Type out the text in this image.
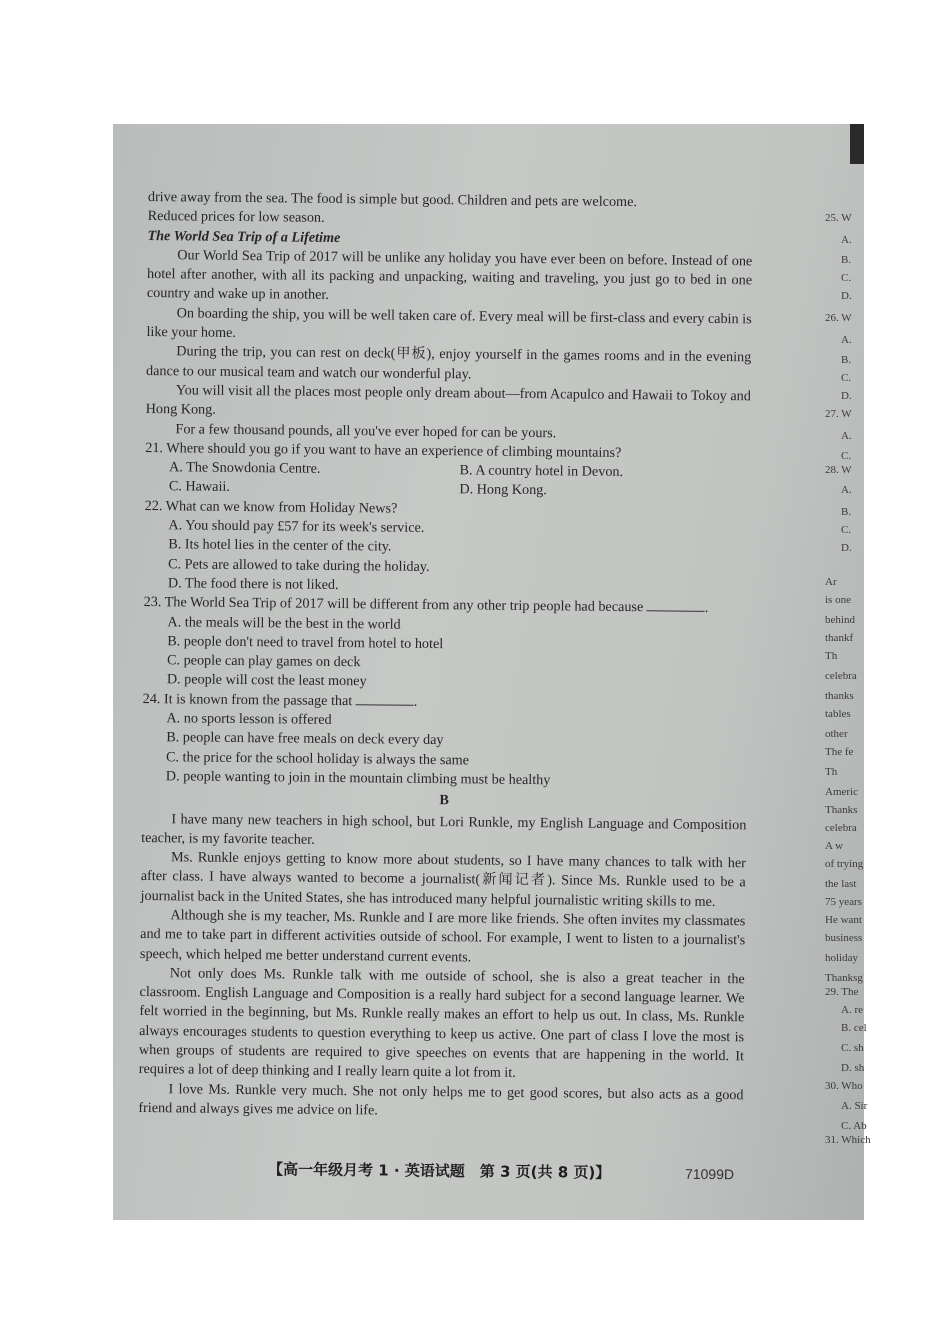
drive away from the sea. The food is simple but good. Children and pets are welcome.

Reduced prices for low season.

The World Sea Trip of a Lifetime

Our World Sea Trip of 2017 will be unlike any holiday you have ever been on before. Instead of one hotel after another, with all its packing and unpacking, waiting and traveling, you just go to bed in one country and wake up in another.

On boarding the ship, you will be well taken care of. Every meal will be first-class and every cabin is like your home.

During the trip, you can rest on deck(甲板), enjoy yourself in the games rooms and in the evening dance to our musical team and watch our wonderful play.

You will visit all the places most people only dream about—from Acapulco and Hawaii to Tokoy and Hong Kong.

For a few thousand pounds, all you've ever hoped for can be yours.

21. Where should you go if you want to have an experience of climbing mountains?

A. The Snowdonia Centre.	B. A country hotel in Devon.
C. Hawaii.	D. Hong Kong.

22. What can we know from Holiday News?

A. You should pay £57 for its week's service.

B. Its hotel lies in the center of the city.

C. Pets are allowed to take during the holiday.

D. The food there is not liked.

23. The World Sea Trip of 2017 will be different from any other trip people had because	.

A. the meals will be the best in the world

B. people don't need to travel from hotel to hotel

C. people can play games on deck

D. people will cost the least money

24. It is known from the passage that	.

A. no sports lesson is offered

B. people can have free meals on deck every day

C. the price for the school holiday is always the same

D. people wanting to join in the mountain climbing must be healthy

B

I have many new teachers in high school, but Lori Runkle, my English Language and Composition teacher, is my favorite teacher.

Ms. Runkle enjoys getting to know more about students, so I have many chances to talk with her after class. I have always wanted to become a journalist(新闻记者). Since Ms. Runkle used to be a journalist back in the United States, she has introduced many helpful journalistic writing skills to me.

Although she is my teacher, Ms. Runkle and I are more like friends. She often invites my classmates and me to take part in different activities outside of school. For example, I went to listen to a journalist's speech, which helped me better understand current events.

Not only does Ms. Runkle talk with me outside of school, she is also a great teacher in the classroom. English Language and Composition is a really hard subject for a second language learner. We felt worried in the beginning, but Ms. Runkle really makes an effort to help us out. In class, Ms. Runkle always encourages students to question everything to keep us active. One part of class I love the most is when groups of students are required to give speeches on events that are happening in the world. It requires a lot of deep thinking and I really learn quite a lot from it.

I love Ms. Runkle very much. She not only helps me to get good scores, but also acts as a good friend and always gives me advice on life.

【高一年级月考 1 · 英语试题　第 3 页(共 8 页)】	71099D
25. W
A.
B.
C.
D.
26. W
A.
B.
C.
D.
27. W
A.
C.
28. W
A.
B.
C.
D.
Ar
is one
behind
thankf
Th
celebra
thanks
tables
other
The fe
Th
Americ
Thanks
celebra
A w
of trying
the last
75 years
He want
business
holiday
Thanksg
29. The
A. re
B. cel
C. sh
D. sh
30. Who
A. Sir
C. Ab
31. Which
